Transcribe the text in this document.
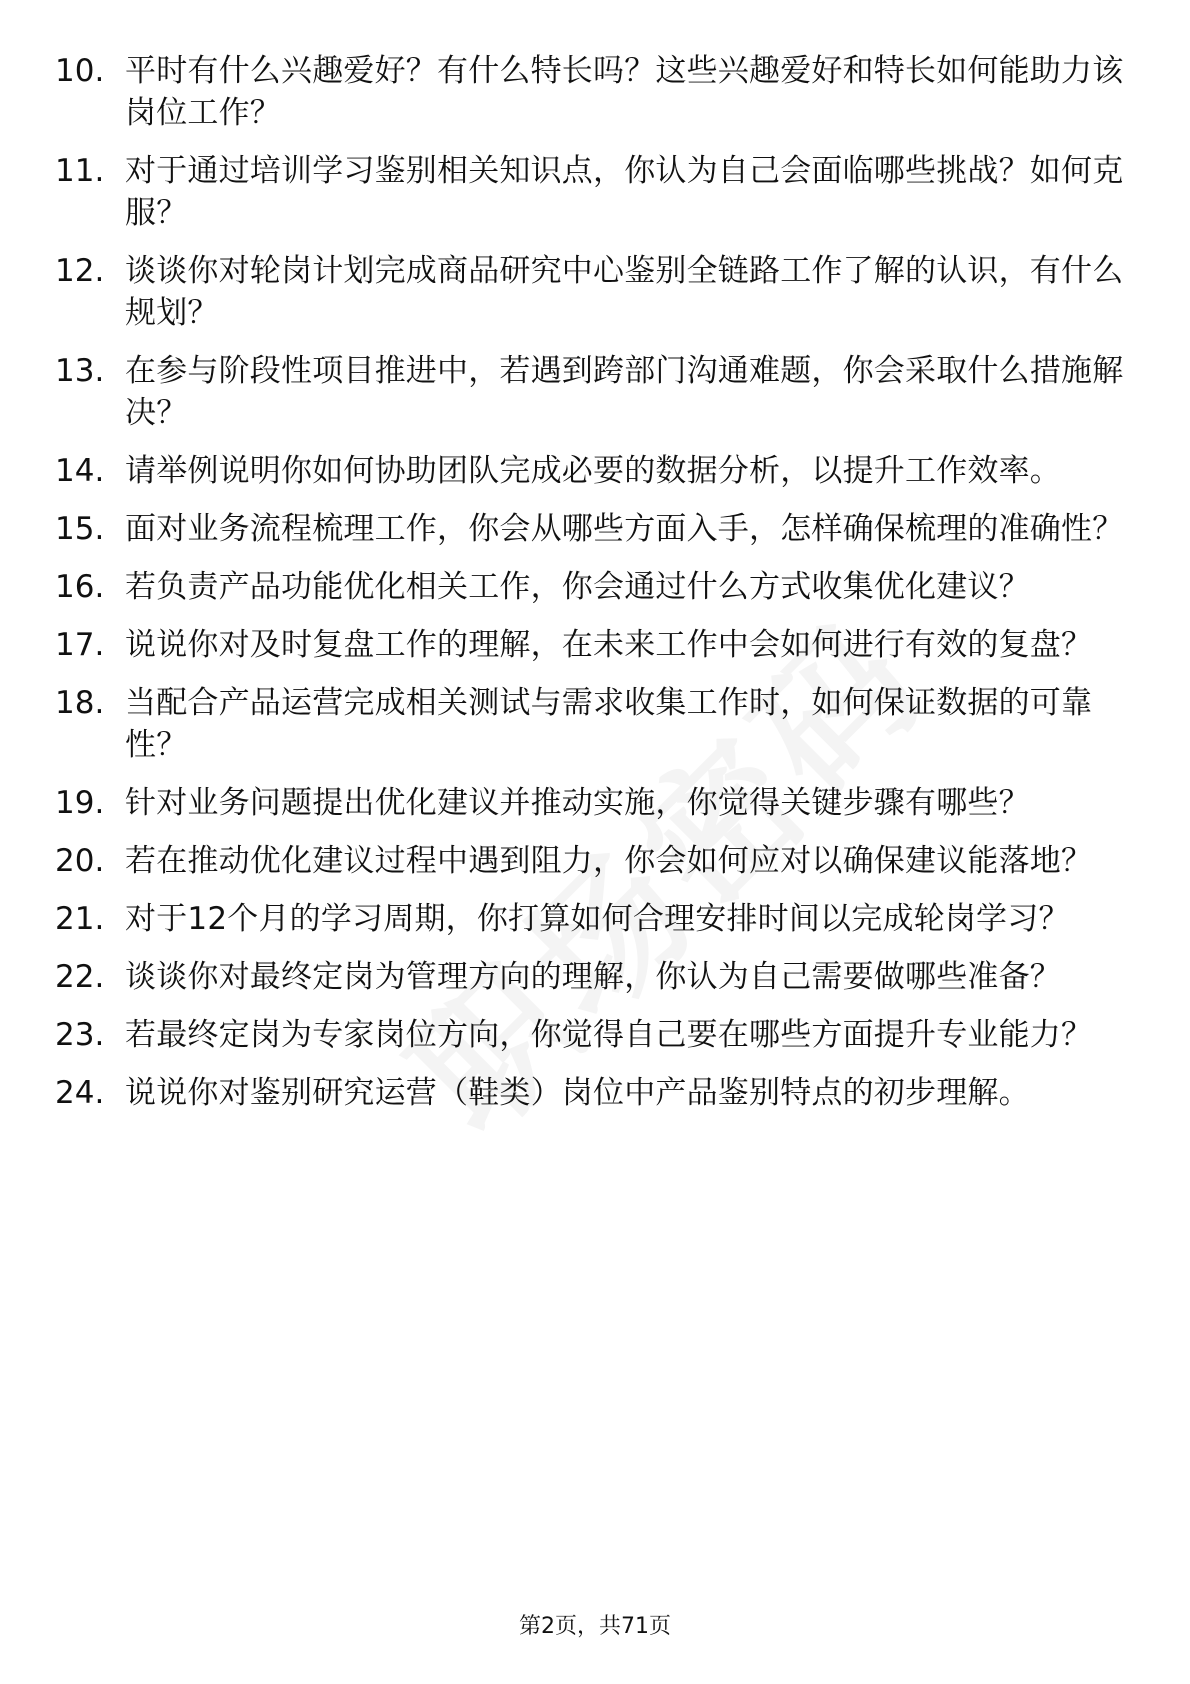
10. 平时有什么兴趣爱好？有什么特长吗？这些兴趣爱好和特长如何能助力该岗位工作？
11. 对于通过培训学习鉴别相关知识点，你认为自己会面临哪些挑战？如何克服？
12. 谈谈你对轮岗计划完成商品研究中心鉴别全链路工作了解的认识，有什么规划？
13. 在参与阶段性项目推进中，若遇到跨部门沟通难题，你会采取什么措施解决？
14. 请举例说明你如何协助团队完成必要的数据分析，以提升工作效率。
15. 面对业务流程梳理工作，你会从哪些方面入手，怎样确保梳理的准确性？
16. 若负责产品功能优化相关工作，你会通过什么方式收集优化建议？
17. 说说你对及时复盘工作的理解，在未来工作中会如何进行有效的复盘？
18. 当配合产品运营完成相关测试与需求收集工作时，如何保证数据的可靠性？
19. 针对业务问题提出优化建议并推动实施，你觉得关键步骤有哪些？
20. 若在推动优化建议过程中遇到阻力，你会如何应对以确保建议能落地？
21. 对于12个月的学习周期，你打算如何合理安排时间以完成轮岗学习？
22. 谈谈你对最终定岗为管理方向的理解，你认为自己需要做哪些准备？
23. 若最终定岗为专家岗位方向，你觉得自己要在哪些方面提升专业能力？
24. 说说你对鉴别研究运营（鞋类）岗位中产品鉴别特点的初步理解。
第2页，共71页
